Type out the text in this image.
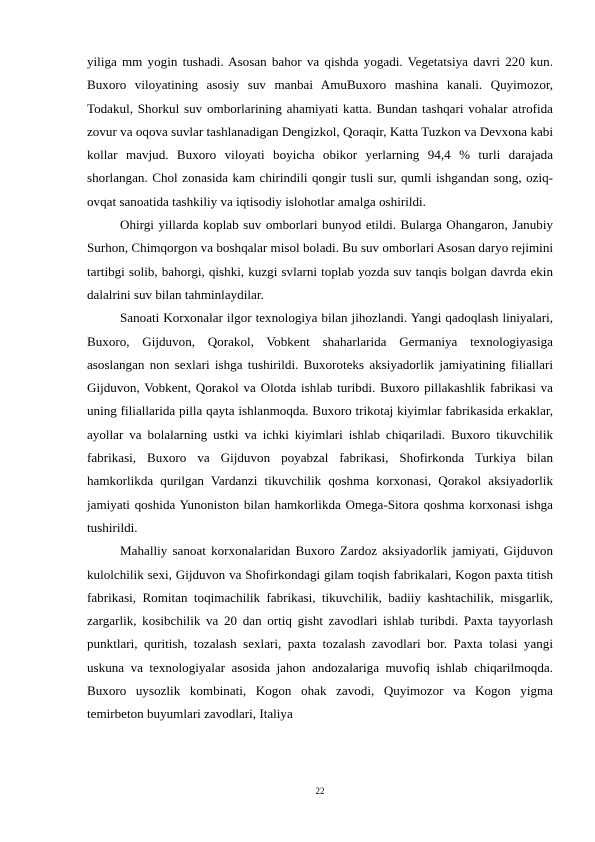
yiliga mm yogin tushadi. Asosan bahor va qishda yogadi. Vegetatsiya davri 220 kun. Buxoro viloyatining asosiy suv manbai AmuBuxoro mashina kanali. Quyimozor, Todakul, Shorkul suv omborlarining ahamiyati katta. Bundan tashqari vohalar atrofida zovur va oqova suvlar tashlanadigan Dengizkol, Qoraqir, Katta Tuzkon va Devxona kabi kollar mavjud. Buxoro viloyati boyicha obikor yerlarning 94,4 % turli darajada shorlangan. Chol zonasida kam chirindili qongir tusli sur, qumli ishgandan song, oziq-ovqat sanoatida tashkiliy va iqtisodiy islohotlar amalga oshirildi.

Ohirgi yillarda koplab suv omborlari bunyod etildi. Bularga Ohangaron, Janubiy Surhon, Chimqorgon va boshqalar misol boladi. Bu suv omborlari Asosan daryo rejimini tartibgi solib, bahorgi, qishki, kuzgi svlarni toplab yozda suv tanqis bolgan davrda ekin dalalrini suv bilan tahminlaydilar.

Sanoati Korxonalar ilgor texnologiya bilan jihozlandi. Yangi qadoqlash liniyalari, Buxoro, Gijduvon, Qorakol, Vobkent shaharlarida Germaniya texnologiyasiga asoslangan non sexlari ishga tushirildi. Buxoroteks aksiyadorlik jamiyatining filiallari Gijduvon, Vobkent, Qorakol va Olotda ishlab turibdi. Buxoro pillakashlik fabrikasi va uning filiallarida pilla qayta ishlanmoqda. Buxoro trikotaj kiyimlar fabrikasida erkaklar, ayollar va bolalarning ustki va ichki kiyimlari ishlab chiqariladi. Buxoro tikuvchilik fabrikasi, Buxoro va Gijduvon poyabzal fabrikasi, Shofirkonda Turkiya bilan hamkorlikda qurilgan Vardanzi tikuvchilik qoshma korxonasi, Qorakol aksiyadorlik jamiyati qoshida Yunoniston bilan hamkorlikda Omega-Sitora qoshma korxonasi ishga tushirildi.

Mahalliy sanoat korxonalaridan Buxoro Zardoz aksiyadorlik jamiyati, Gijduvon kulolchilik sexi, Gijduvon va Shofirkondagi gilam toqish fabrikalari, Kogon paxta titish fabrikasi, Romitan toqimachilik fabrikasi, tikuvchilik, badiiy kashtachilik, misgarlik, zargarlik, kosibchilik va 20 dan ortiq gisht zavodlari ishlab turibdi. Paxta tayyorlash punktlari, quritish, tozalash sexlari, paxta tozalash zavodlari bor. Paxta tolasi yangi uskuna va texnologiyalar asosida jahon andozalariga muvofiq ishlab chiqarilmoqda. Buxoro uysozlik kombinati, Kogon ohak zavodi, Quyimozor va Kogon yigma temirbeton buyumlari zavodlari, Italiya

22
